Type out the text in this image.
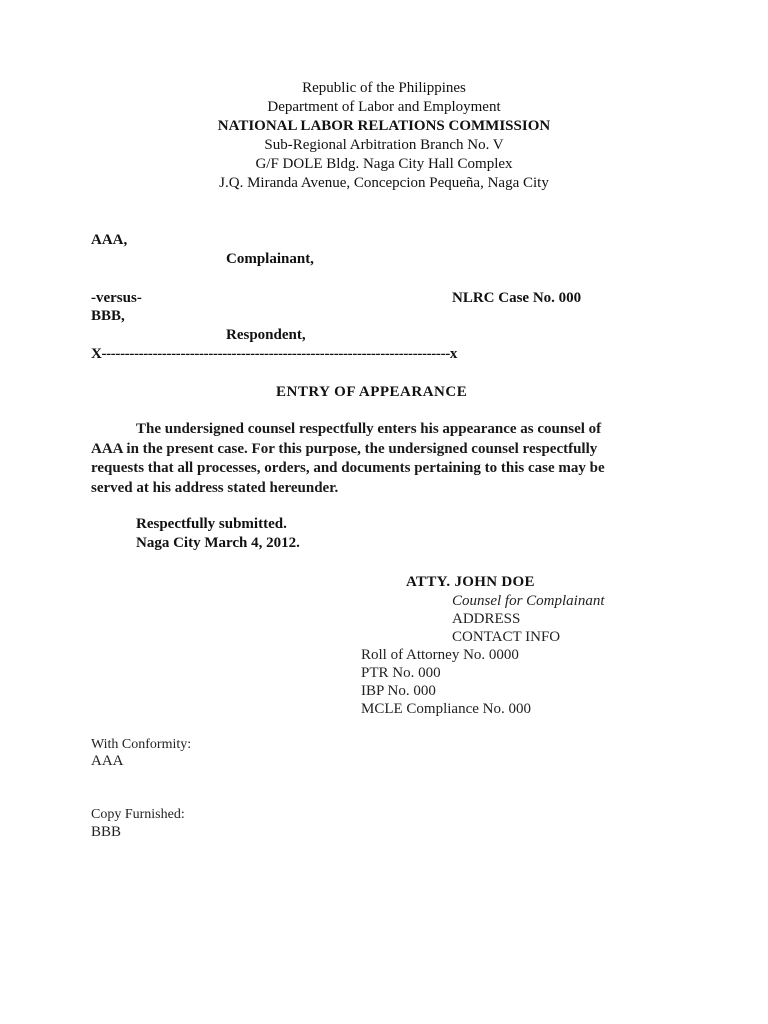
Republic of the Philippines
Department of Labor and Employment
NATIONAL LABOR RELATIONS COMMISSION
Sub-Regional Arbitration Branch No. V
G/F DOLE Bldg. Naga City Hall Complex
J.Q. Miranda Avenue, Concepcion Pequeña, Naga City
AAA,
Complainant,
-versus-	NLRC Case No. 000
BBB,
Respondent,
X---------------------------------------------------------------------------x
ENTRY OF APPEARANCE
The undersigned counsel respectfully enters his appearance as counsel of
AAA in the present case. For this purpose, the undersigned counsel respectfully
requests that all processes, orders, and documents pertaining to this case may be
served at his address stated hereunder.
Respectfully submitted.
Naga City March 4, 2012.
ATTY. JOHN DOE
Counsel for Complainant
ADDRESS
CONTACT INFO
Roll of Attorney No. 0000
PTR No. 000
IBP No. 000
MCLE Compliance No. 000
With Conformity:
AAA
Copy Furnished:
BBB
